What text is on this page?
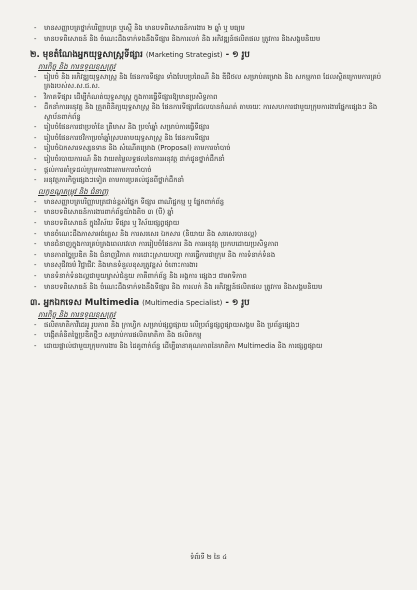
- មានសញ្ញាបត្រថ្នាក់បរិញ្ញាបត្រ ឬស្មើ និង មានបទពិសោធន៍ការងារ ២ ឆ្នាំ ឬ មធ្យម
- មានបទពិសោធន៍ និង ចំណេះដឹងទាក់ទងនឹងទីផ្សារ និងការលក់ និង អភិវឌ្ឍន៍ផលិតផល ត្រូវការ និងសង្គមនិយម
២. មុខតំណែងអ្នកយុទ្ធសាស្ត្រទីផ្សារ (Marketing Strategist) - ១ រូប
ភារកិច្ច និង ការទទួលខុសត្រូវ
- រៀបចំ និង អភិវឌ្ឍយុទ្ធសាស្ត្រ និង ផែនការទីផ្សារ ទាំងបែបប្រពៃណី និង ឌីជីថល សម្រាប់គម្រោង និង សកម្មភាព ដែលស្ថិតក្រោមការគ្រប់គ្រងរបស់ស.ស.ជ.ស.
- វិភាគទីផ្សារ ដើម្បីកំណត់យុទ្ធសាស្ត្រ ក្នុងការធ្វើទីផ្សារឱ្យមានប្រសិទ្ធភាព
- ដឹកនាំការអនុវត្ត និង ត្រួតពិនិត្យយុទ្ធសាស្ត្រ និង ផែនការទីផ្សារដែលបានកំណត់ តាមរយៈ ការសហការជាមួយក្រុមការងារផ្នែកផ្សេងៗ និង ស្ថាប័នពាក់ព័ន្ធ
- រៀបចំផែនការជាប្រចាំខែ ត្រីមាស និង ប្រចាំឆ្នាំ សម្រាប់ការធ្វើទីផ្សារ
- រៀបចំផែនការថវិកាប្រចាំឆ្នាំស្របតាមយុទ្ធសាស្ត្រ និង ផែនការទីផ្សារ
- រៀបចំឯកសារទស្សនទាន និង សំណើគម្រោង (Proposal) តាមការចាំបាច់
- រៀបចំរបាយការណ៍ និង វាយតម្លៃលទ្ធផលនៃការអនុវត្ត ដាក់ជូនថ្នាក់ដឹកនាំ
- ផ្តល់ការគាំទ្រដល់ក្រុមការងារតាមការចាំបាច់
- អនុវត្តភារកិច្ចផ្សេងៗទៀត តាមការប្រគល់ជូនពីថ្នាក់ដឹកនាំ
លក្ខខណ្ឌតម្រូវ និង ជំនាញ
- មានសញ្ញាបត្របរិញ្ញាបត្រជាន់ខ្ពស់ផ្នែក ទីផ្សារ ពាណិជ្ជកម្ម ឬ ផ្នែកពាក់ព័ន្ធ
- មានបទពិសោធន៍ការងារពាក់ព័ន្ធយ៉ាងតិច ៣ (បី) ឆ្នាំ
- មានបទពិសោធន៍ ក្នុងវិស័យ ទីផ្សារ ឬ វិស័យផ្សព្វផ្សាយ
- មានចំណេះដឹងភាសាអង់គ្លេស និង ការសរសេរ ឯកសារ (និយាយ និង សរសេរបានល្អ)
- មានជំនាញក្នុងការគ្រប់គ្រងពេលវេលា ការរៀបចំផែនការ និង ការអនុវត្ត ប្រកបដោយប្រសិទ្ធភាព
- មានភាពច្នៃប្រឌិត និង ជំនាញវិភាគ ការដោះស្រាយបញ្ហា ការធ្វើការជាក្រុម និង ការទំនាក់ទំនង
- មានសុជីវធម៌ វិជ្ជាជីវៈ និងមានទំនួលខុសត្រូវខ្ពស់ ចំពោះការងារ
- មានទំនាក់ទំនងល្អជាមួយម្ចាស់ជំនួយ ភាគីពាក់ព័ន្ធ និង អង្គការ ផ្សេងៗ ជាអាទិភាព
- មានបទពិសោធន៍ និង ចំណេះដឹងទាក់ទងនឹងទីផ្សារ និង ការលក់ និង អភិវឌ្ឍន៍ផលិតផល ត្រូវការ និងសង្គមនិយម
៣. អ្នកឯកទេស Multimedia (Multimedia Specialist) - ១ រូប
ភារកិច្ច និង ការទទួលខុសត្រូវ
- ផលិតមាតិកាវីដេអូ រូបភាព និង ក្រាហ្វិក សម្រាប់ផ្សព្វផ្សាយ លើប្រព័ន្ធផ្សព្វផ្សាយសង្គម និង ប្រព័ន្ធផ្សេងៗ
- បង្កើតគំនិតច្នៃប្រឌិតថ្មីៗ សម្រាប់ការផលិតមាតិកា និង ផលិតកម្ម
- ដោយផ្ទាល់ជាមួយក្រុមការងារ និង ដៃគូពាក់ព័ន្ធ ដើម្បីធានាគុណភាពនៃមាតិកា Multimedia និង ការផ្សព្វផ្សាយ
ទំព័រទី ២ នៃ ៤
